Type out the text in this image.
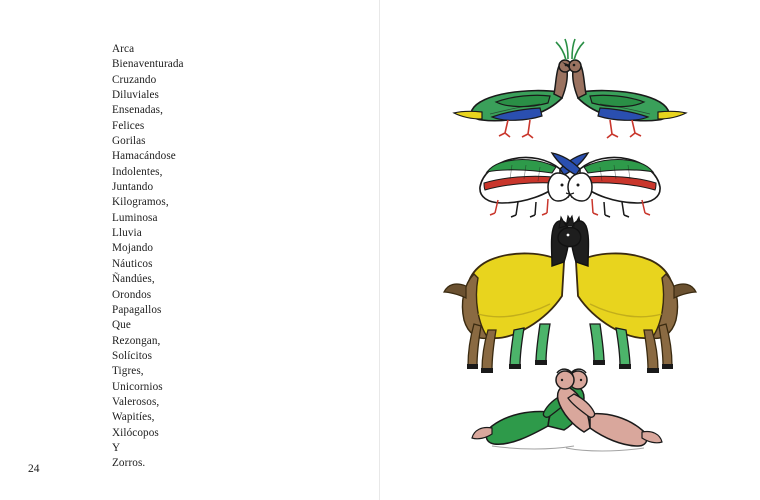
Arca
Bienaventurada
Cruzando
Diluviales
Ensenadas,
Felices
Gorilas
Hamacándose
Indolentes,
Juntando
Kilogramos,
Luminosa
Lluvia
Mojando
Náuticos
Ñandúes,
Orondos
Papagallos
Que
Rezongan,
Solícitos
Tigres,
Unicornios
Valerosos,
Wapitíes,
Xilócopos
Y
Zorros.
24
